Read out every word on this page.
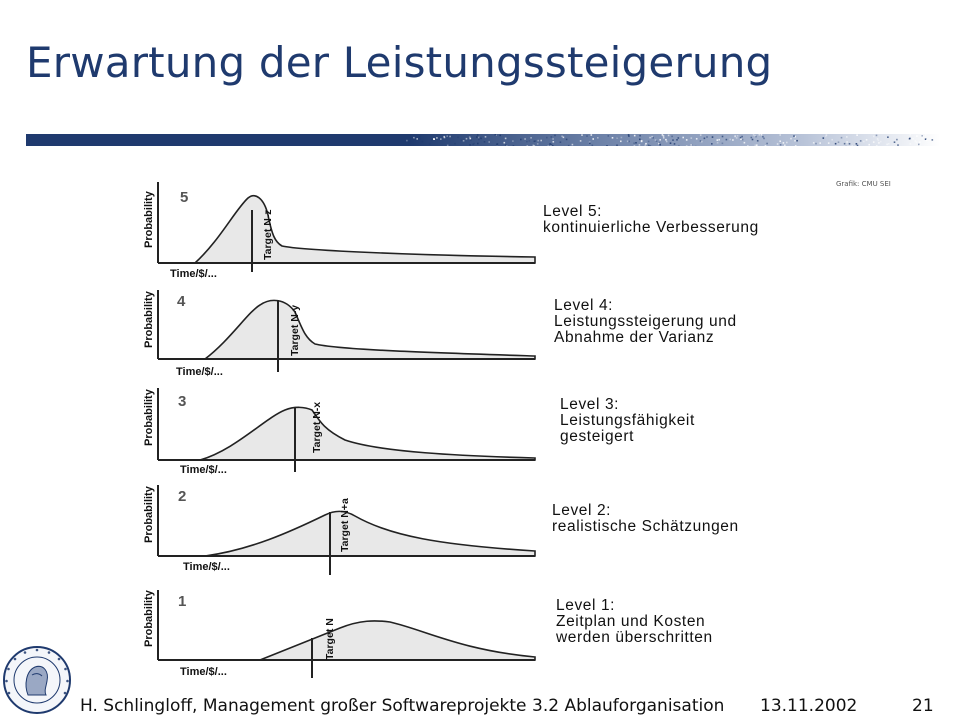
Erwartung der Leistungssteigerung
5
Probability
Time/$/...
Target N-z
4
Probability
Time/$/...
Target N-y
3
Probability
Time/$/...
Target N-x
2
Probability
Time/$/...
Target N+a
1
Probability
Time/$/...
Target N
Grafik: CMU SEI
Level 5:
kontinuierliche Verbesserung
Level 4:
Leistungssteigerung und
Abnahme der Varianz
Level 3:
Leistungsfähigkeit
gesteigert
Level 2:
realistische Schätzungen
Level 1:
Zeitplan und Kosten
werden überschritten
H. Schlingloff, Management großer Softwareprojekte 3.2 Ablauforganisation 13.11.2002	21
